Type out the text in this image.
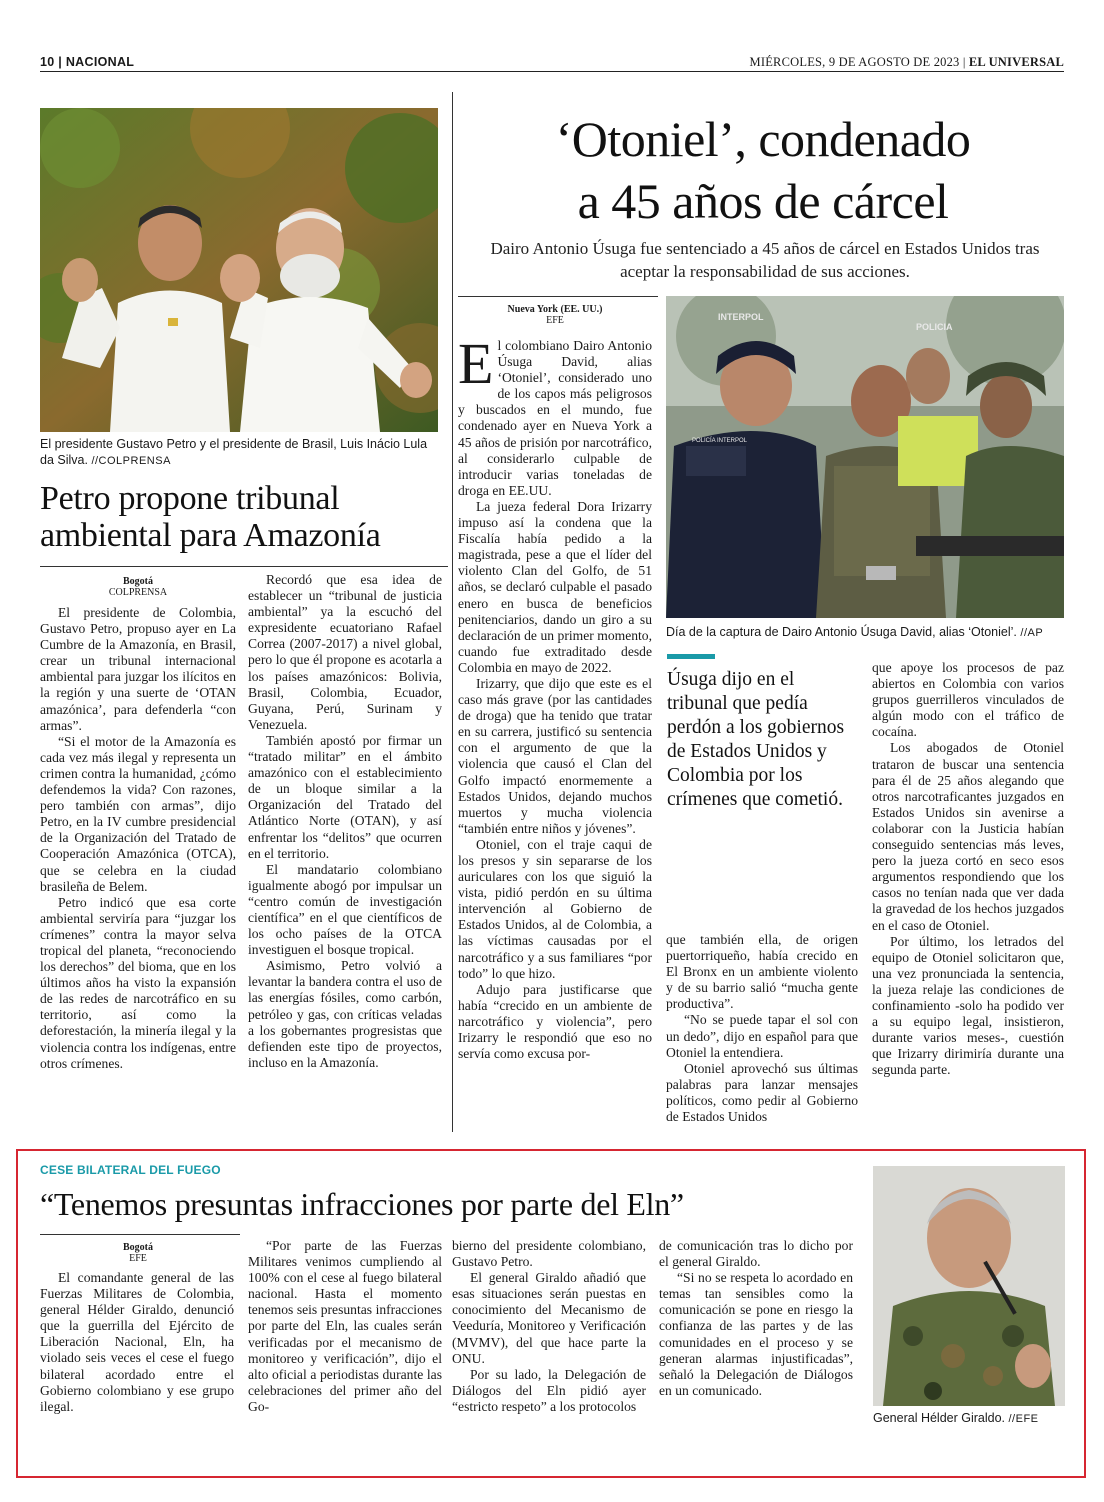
10 | NACIONAL	MIÉRCOLES, 9 DE AGOSTO DE 2023 | EL UNIVERSAL
El presidente Gustavo Petro y el presidente de Brasil, Luis Inácio Lula da Silva. //COLPRENSA
Petro propone tribunal ambiental para Amazonía
Bogotá
COLPRENSA

El presidente de Colombia, Gustavo Petro, propuso ayer en La Cumbre de la Amazonía, en Brasil, crear un tribunal internacional ambiental para juzgar los ilícitos en la región y una suerte de ‘OTAN amazónica’, para defenderla “con armas”.

“Si el motor de la Amazonía es cada vez más ilegal y representa un crimen contra la humanidad, ¿cómo defendemos la vida? Con razones, pero también con armas”, dijo Petro, en la IV cumbre presidencial de la Organización del Tratado de Cooperación Amazónica (OTCA), que se celebra en la ciudad brasileña de Belem.

Petro indicó que esa corte ambiental serviría para “juzgar los crímenes” contra la mayor selva tropical del planeta, “reconociendo los derechos” del bioma, que en los últimos años ha visto la expansión de las redes de narcotráfico en su territorio, así como la deforestación, la minería ilegal y la violencia contra los indígenas, entre otros crímenes.

Recordó que esa idea de establecer un “tribunal de justicia ambiental” ya la escuchó del expresidente ecuatoriano Rafael Correa (2007-2017) a nivel global, pero lo que él propone es acotarla a los países amazónicos: Bolivia, Brasil, Colombia, Ecuador, Guyana, Perú, Surinam y Venezuela.

También apostó por firmar un “tratado militar” en el ámbito amazónico con el establecimiento de un bloque similar a la Organización del Tratado del Atlántico Norte (OTAN), y así enfrentar los “delitos” que ocurren en el territorio.

El mandatario colombiano igualmente abogó por impulsar un “centro común de investigación científica” en el que científicos de los ocho países de la OTCA investiguen el bosque tropical.

Asimismo, Petro volvió a levantar la bandera contra el uso de las energías fósiles, como carbón, petróleo y gas, con críticas veladas a los gobernantes progresistas que defienden este tipo de proyectos, incluso en la Amazonía.

‘Otoniel’, condenado
a 45 años de cárcel
Dairo Antonio Úsuga fue sentenciado a 45 años de cárcel en Estados Unidos tras aceptar la responsabilidad de sus acciones.
Nueva York (EE. UU.)
EFE

El colombiano Dairo Antonio Úsuga David, alias ‘Otoniel’, considerado uno de los capos más peligrosos y buscados en el mundo, fue condenado ayer en Nueva York a 45 años de prisión por narcotráfico, al considerarlo culpable de introducir varias toneladas de droga en EE.UU.

La jueza federal Dora Irizarry impuso así la condena que la Fiscalía había pedido a la magistrada, pese a que el líder del violento Clan del Golfo, de 51 años, se declaró culpable el pasado enero en busca de beneficios penitenciarios, dando un giro a su declaración de un primer momento, cuando fue extraditado desde Colombia en mayo de 2022.

Irizarry, que dijo que este es el caso más grave (por las cantidades de droga) que ha tenido que tratar en su carrera, justificó su sentencia con el argumento de que la violencia que causó el Clan del Golfo impactó enormemente a Estados Unidos, dejando muchos muertos y mucha violencia “también entre niños y jóvenes”.

Otoniel, con el traje caqui de los presos y sin separarse de los auriculares con los que siguió la vista, pidió perdón en su última intervención al Gobierno de Estados Unidos, al de Colombia, a las víctimas causadas por el narcotráfico y a sus familiares “por todo” lo que hizo.

Adujo para justificarse que había “crecido en un ambiente de narcotráfico y violencia”, pero Irizarry le respondió que eso no servía como excusa por-

INTERPOL
POLICIA
POLICÍA INTERPOL
Día de la captura de Dairo Antonio Úsuga David, alias ‘Otoniel’. //AP
Úsuga dijo en el tribunal que pedía perdón a los gobiernos de Estados Unidos y Colombia por los crímenes que cometió.

que también ella, de origen puertorriqueño, había crecido en El Bronx en un ambiente violento y de su barrio salió “mucha gente productiva”.

“No se puede tapar el sol con un dedo”, dijo en español para que Otoniel la entendiera.

Otoniel aprovechó sus últimas palabras para lanzar mensajes políticos, como pedir al Gobierno de Estados Unidos

que apoye los procesos de paz abiertos en Colombia con varios grupos guerrilleros vinculados de algún modo con el tráfico de cocaína.

Los abogados de Otoniel trataron de buscar una sentencia para él de 25 años alegando que otros narcotraficantes juzgados en Estados Unidos sin avenirse a colaborar con la Justicia habían conseguido sentencias más leves, pero la jueza cortó en seco esos argumentos respondiendo que los casos no tenían nada que ver dada la gravedad de los hechos juzgados en el caso de Otoniel.

Por último, los letrados del equipo de Otoniel solicitaron que, una vez pronunciada la sentencia, la jueza relaje las condiciones de confinamiento -solo ha podido ver a su equipo legal, insistieron, durante varios meses-, cuestión que Irizarry dirimiría durante una segunda parte.

CESE BILATERAL DEL FUEGO
“Tenemos presuntas infracciones por parte del Eln”
Bogotá
EFE

El comandante general de las Fuerzas Militares de Colombia, general Hélder Giraldo, denunció que la guerrilla del Ejército de Liberación Nacional, Eln, ha violado seis veces el cese el fuego bilateral acordado entre el Gobierno colombiano y ese grupo ilegal.

“Por parte de las Fuerzas Militares venimos cumpliendo al 100% con el cese al fuego bilateral nacional. Hasta el momento tenemos seis presuntas infracciones por parte del Eln, las cuales serán verificadas por el mecanismo de monitoreo y verificación”, dijo el alto oficial a periodistas durante las celebraciones del primer año del Go-

bierno del presidente colombiano, Gustavo Petro.

El general Giraldo añadió que esas situaciones serán puestas en conocimiento del Mecanismo de Veeduría, Monitoreo y Verificación (MVMV), del que hace parte la ONU.

Por su lado, la Delegación de Diálogos del Eln pidió ayer “estricto respeto” a los protocolos

de comunicación tras lo dicho por el general Giraldo.

“Si no se respeta lo acordado en temas tan sensibles como la comunicación se pone en riesgo la confianza de las partes y de las comunidades en el proceso y se generan alarmas injustificadas”, señaló la Delegación de Diálogos en un comunicado.

General Hélder Giraldo. //EFE
